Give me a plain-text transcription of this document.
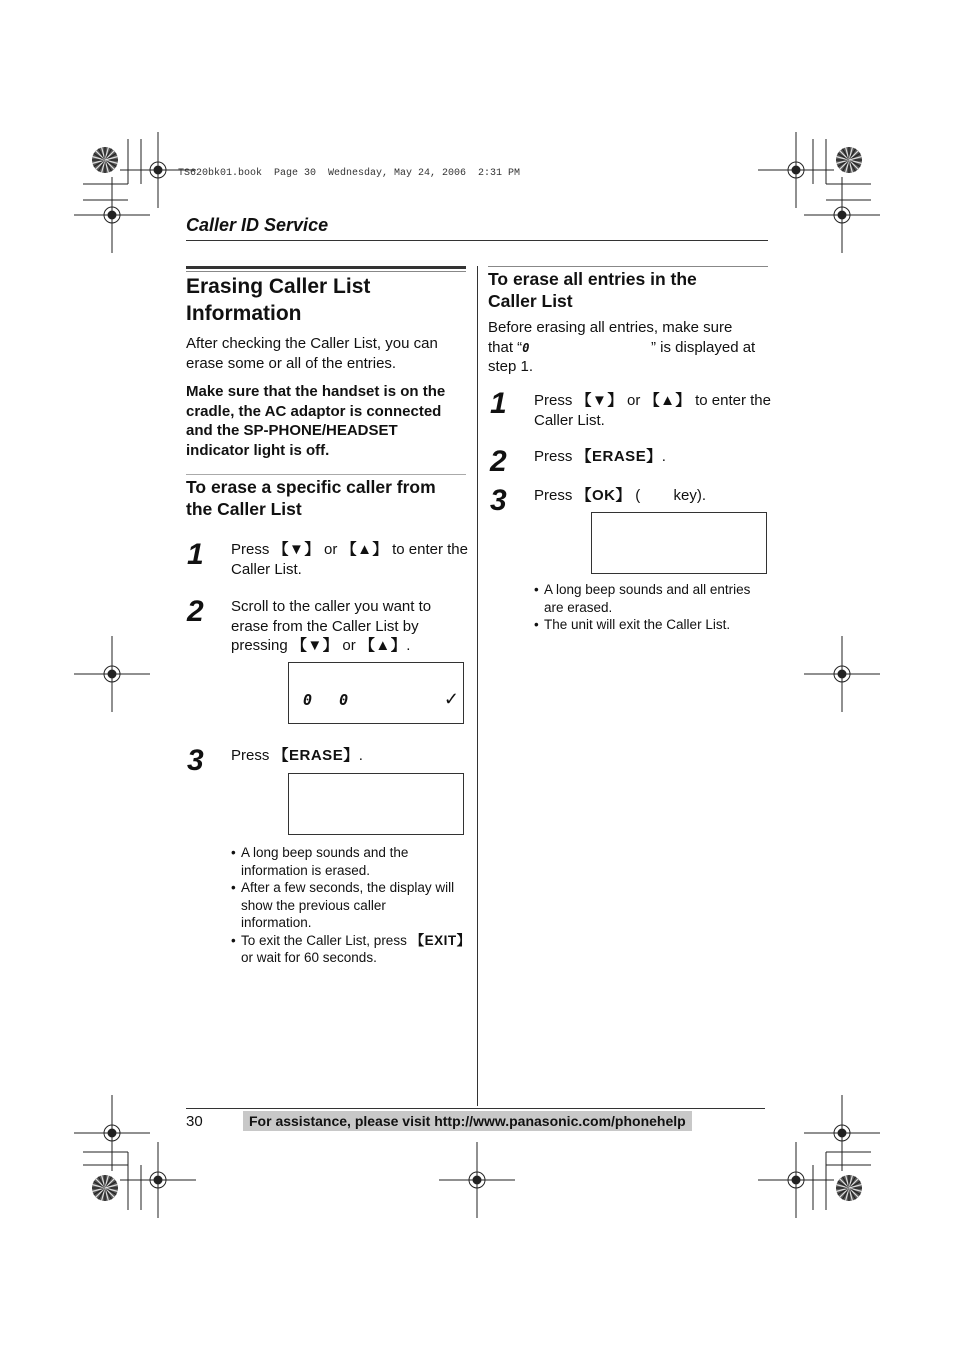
TS620bk01.book  Page 30  Wednesday, May 24, 2006  2:31 PM
Caller ID Service
Erasing Caller List
Information
After checking the Caller List, you can
erase some or all of the entries.
Make sure that the handset is on the
cradle, the AC adaptor is connected
and the SP-PHONE/HEADSET
indicator light is off.
To erase a specific caller from
the Caller List
1 Press 【▼】 or 【▲】 to enter the
Caller List.
2 Scroll to the caller you want to
erase from the Caller List by
pressing 【▼】 or 【▲】.
0   0	✓
3 Press 【ERASE】.
• A long beep sounds and the
information is erased.
• After a few seconds, the display will
show the previous caller
information.
• To exit the Caller List, press 【EXIT】
or wait for 60 seconds.
To erase all entries in the
Caller List
Before erasing all entries, make sure
that “0	” is displayed at
step 1.
1 Press 【▼】 or 【▲】 to enter the
Caller List.
2 Press 【ERASE】.
3 Press 【OK】 (        key).
• A long beep sounds and all entries
are erased.
• The unit will exit the Caller List.
30	For assistance, please visit http://www.panasonic.com/phonehelp
